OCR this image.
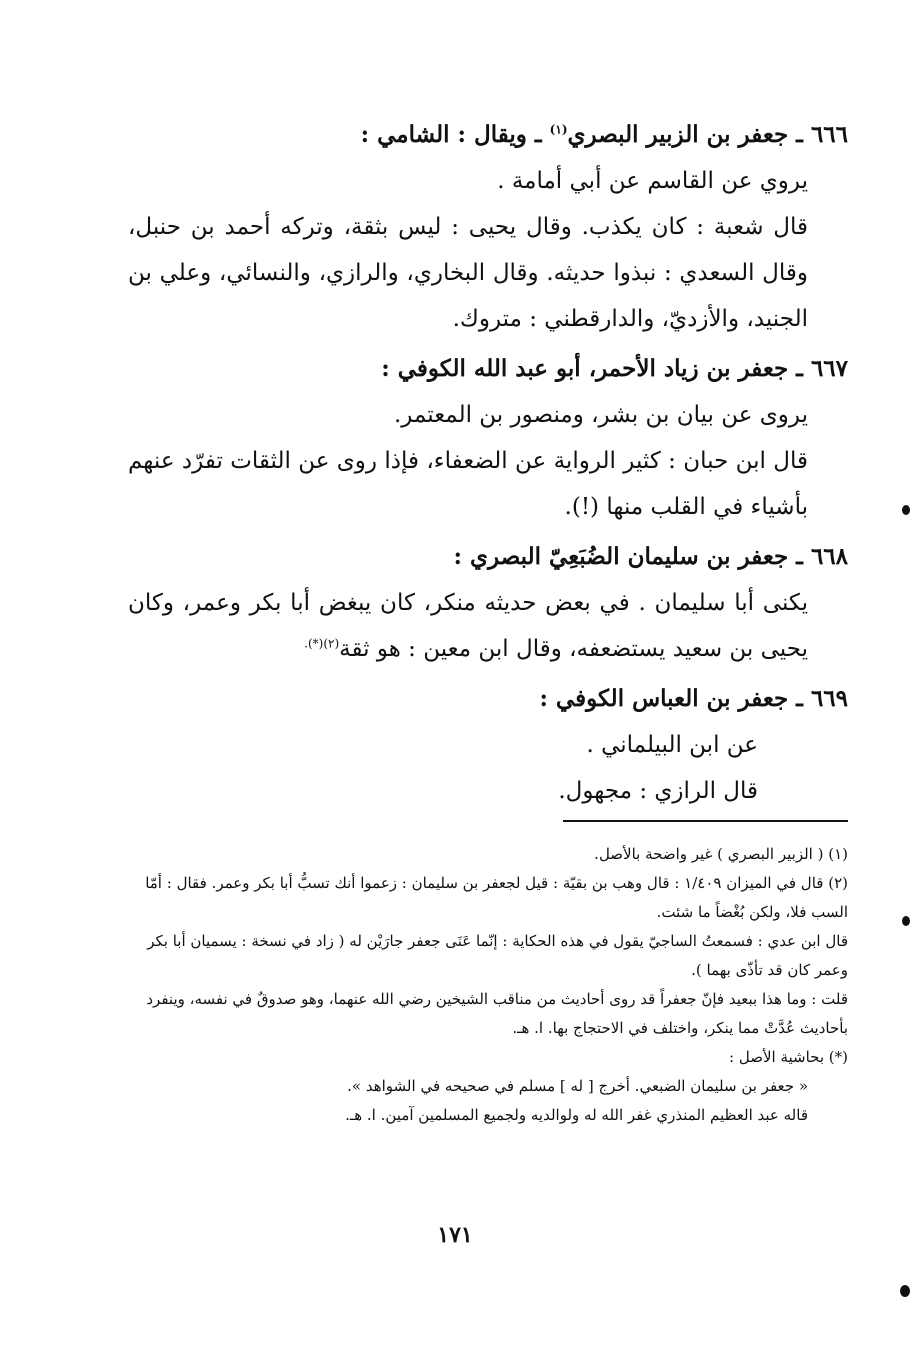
٦٦٦ ـ جعفر بن الزبير البصري$^{(١)}$ ـ ويقال : الشامي :

يروي عن القاسم عن أبي أمامة .

قال شعبة : كان يكذب. وقال يحيى : ليس بثقة، وتركه أحمد بن حنبل، وقال السعدي : نبذوا حديثه. وقال البخاري، والرازي، والنسائي، وعلي بن الجنيد، والأزديّ، والدارقطني : متروك.

٦٦٧ ـ جعفر بن زياد الأحمر، أبو عبد الله الكوفي :

يروى عن بيان بن بشر، ومنصور بن المعتمر.

قال ابن حبان : كثير الرواية عن الضعفاء، فإذا روى عن الثقات تفرّد عنهم بأشياء في القلب منها (!).

٦٦٨ ـ جعفر بن سليمان الضُبَعِيّ البصري :

يكنى أبا سليمان . في بعض حديثه منكر، كان يبغض أبا بكر وعمر، وكان يحيى بن سعيد يستضعفه، وقال ابن معين : هو ثقة$^{(٢)(*).}$

٦٦٩ ـ جعفر بن العباس الكوفي :

عن ابن البيلماني .

قال الرازي : مجهول.

(١) ( الزبير البصري ) غير واضحة بالأصل.

(٢) قال في الميزان ١/٤٠٩ : قال وهب بن بقيّة : قيل لجعفر بن سليمان : زعموا أنك تسبُّ أبا بكر وعمر. فقال : أمّا السب فلا، ولكن بُغْضاً ما شئت.

قال ابن عدي : فسمعتُ الساجيّ يقول في هذه الحكاية : إنّما عَنَى جعفر جارَيْن له ( زاد في نسخة : يسميان أبا بكر وعمر كان قد تأذّى بهما ).

قلت : وما هذا ببعيد فإنّ جعفراً قد روى أحاديث من مناقب الشيخين رضي الله عنهما، وهو صدوقٌ في نفسه، وينفرد بأحاديث عُدَّتْ مما ينكر، واختلف في الاحتجاج بها. ا. هـ.

(*) بحاشية الأصل :

« جعفر بن سليمان الضبعي. أخرج [ له ] مسلم في صحيحه في الشواهد ».

قاله عبد العظيم المنذري غفر الله له ولوالديه ولجميع المسلمين آمين. ا. هـ.

١٧١
